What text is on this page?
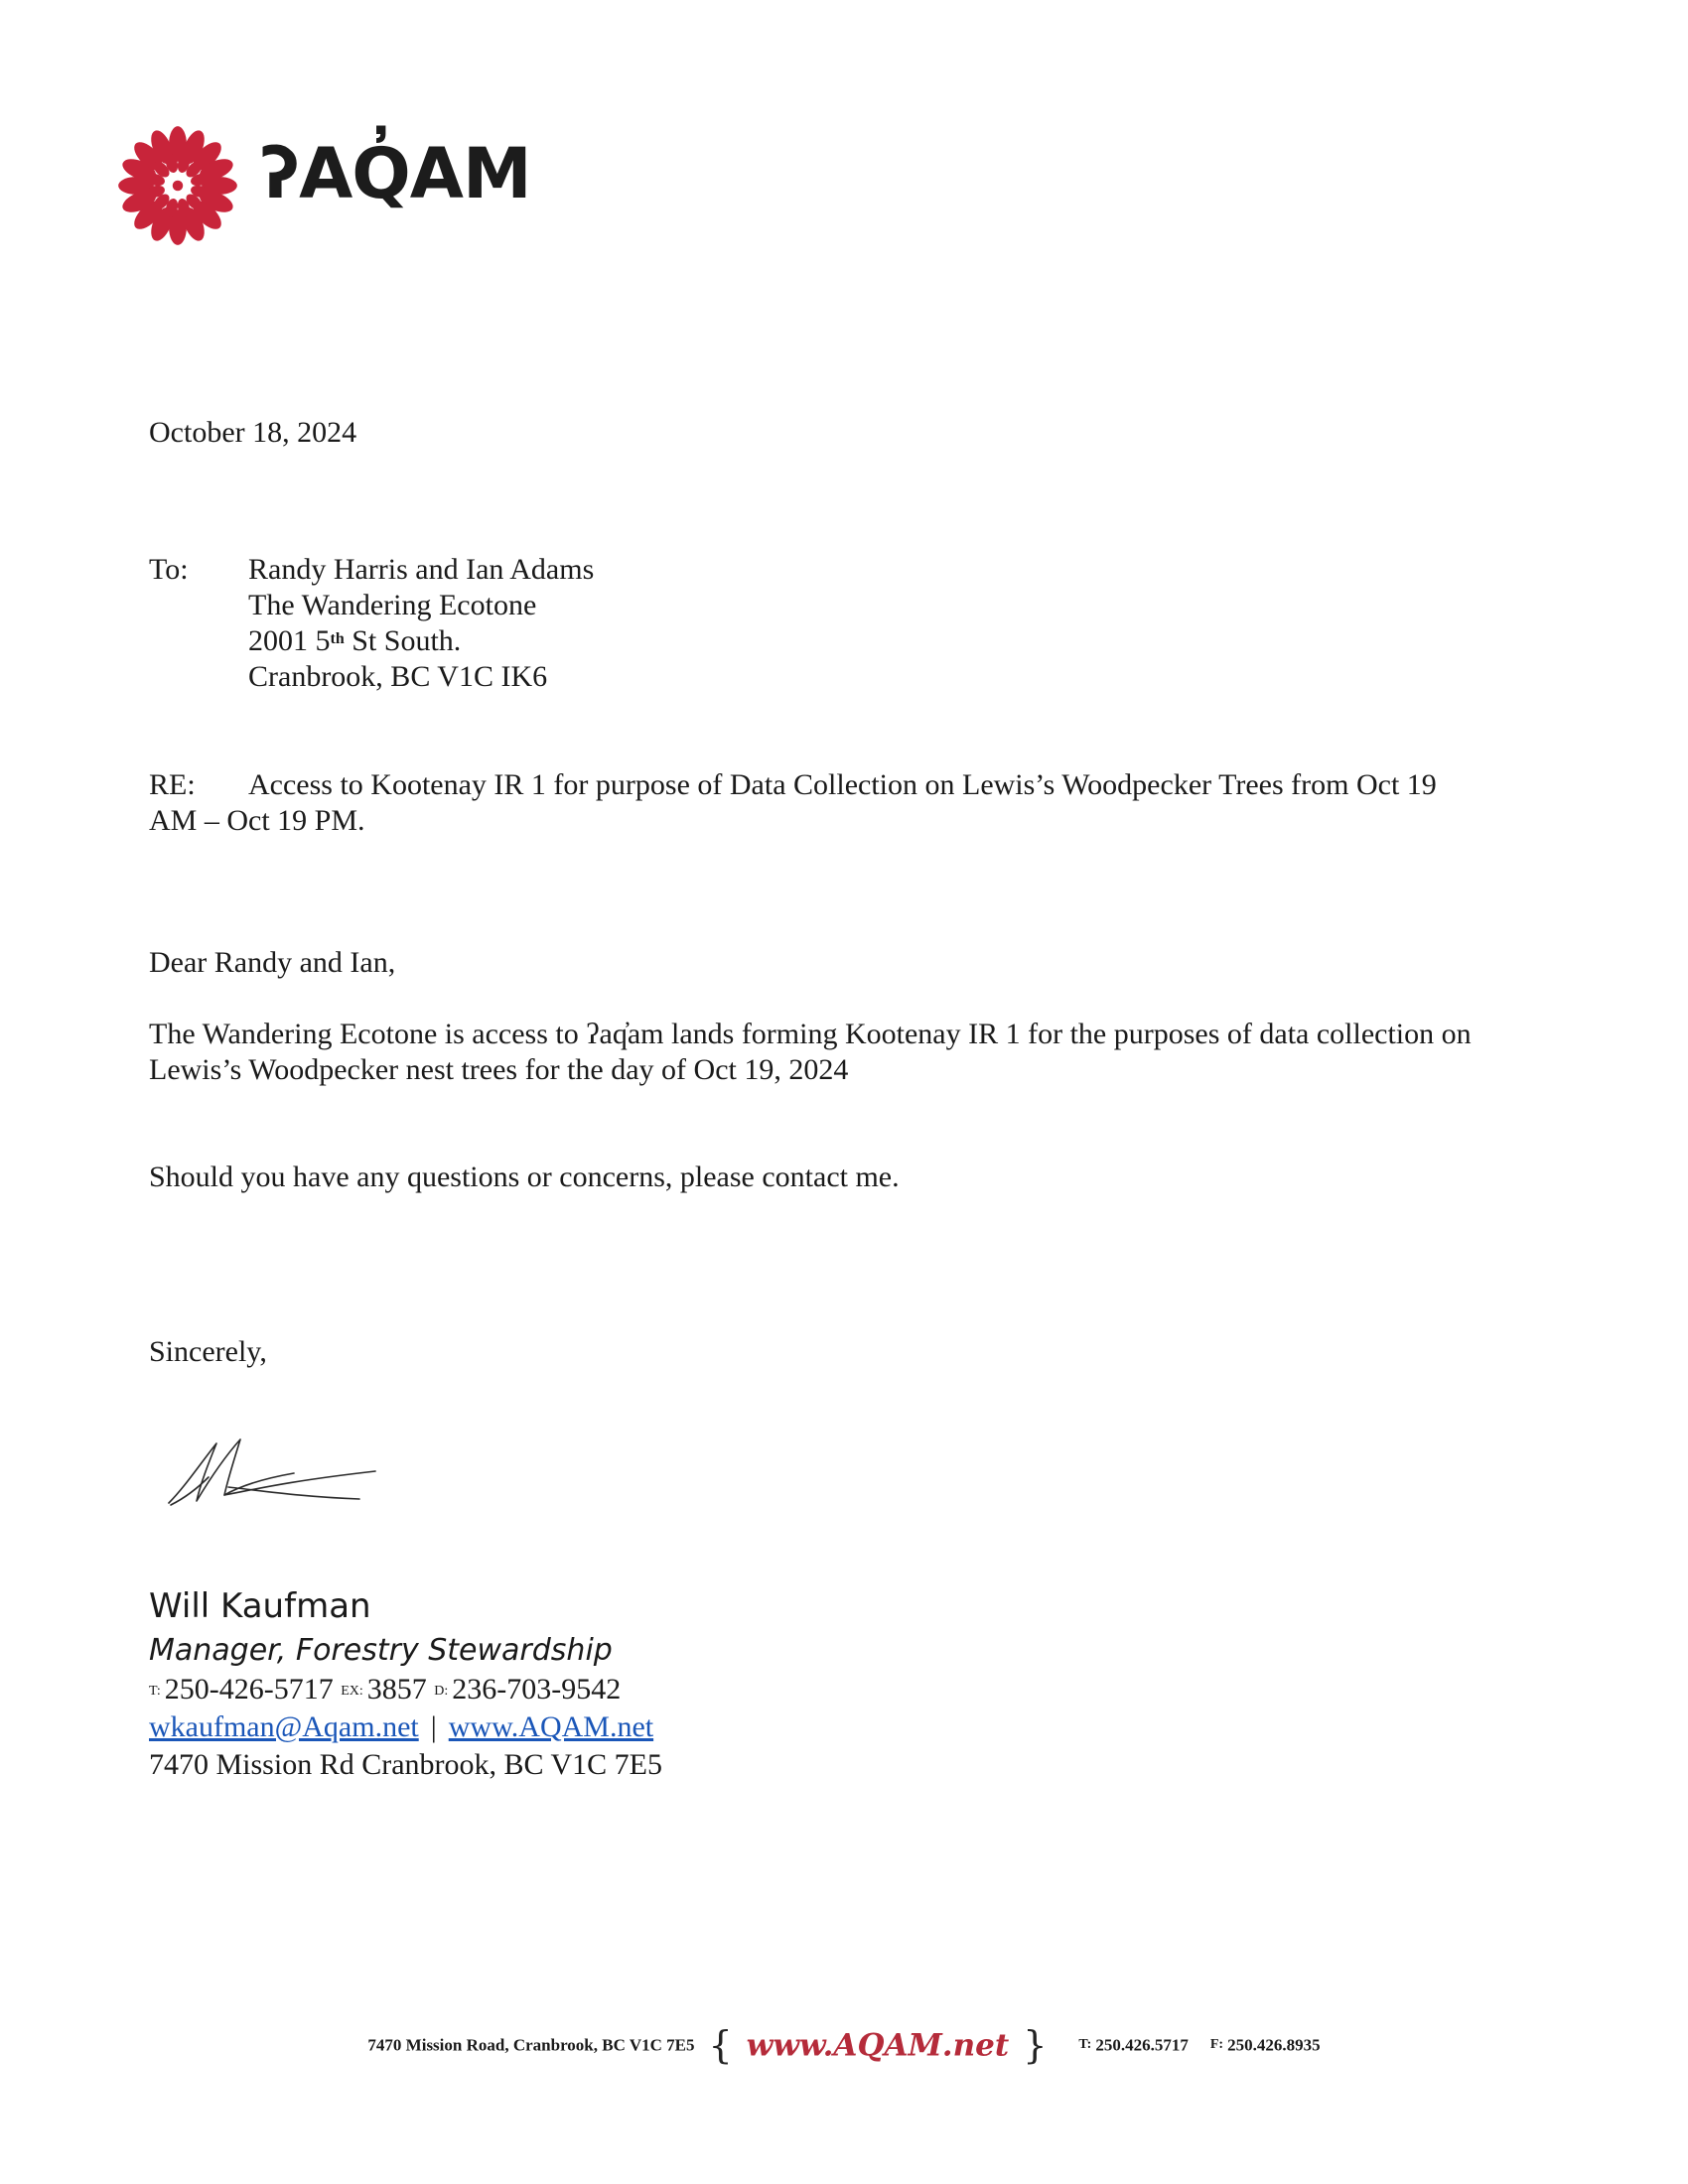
ʔAQ̓AM
October 18, 2024
To: Randy Harris and Ian Adams
The Wandering Ecotone
2001 5th St South.
Cranbrook, BC V1C IK6
RE: Access to Kootenay IR 1 for purpose of Data Collection on Lewis’s Woodpecker Trees from Oct 19
AM – Oct 19 PM.
Dear Randy and Ian,
The Wandering Ecotone is access to ʔaq̓am lands forming Kootenay IR 1 for the purposes of data collection on Lewis’s Woodpecker nest trees for the day of Oct 19, 2024
Should you have any questions or concerns, please contact me.
Sincerely,
Will Kaufman
Manager, Forestry Stewardship
$^{T:}$ 250-426-5717 $^{EX:}$ 3857 $^{D:}$ 236-703-9542
wkaufman@Aqam.net | www.AQAM.net
7470 Mission Rd Cranbrook, BC V1C 7E5
7470 Mission Road, Cranbrook, BC V1C 7E5 { www.AQAM.net } T: 250.426.5717 F: 250.426.8935
